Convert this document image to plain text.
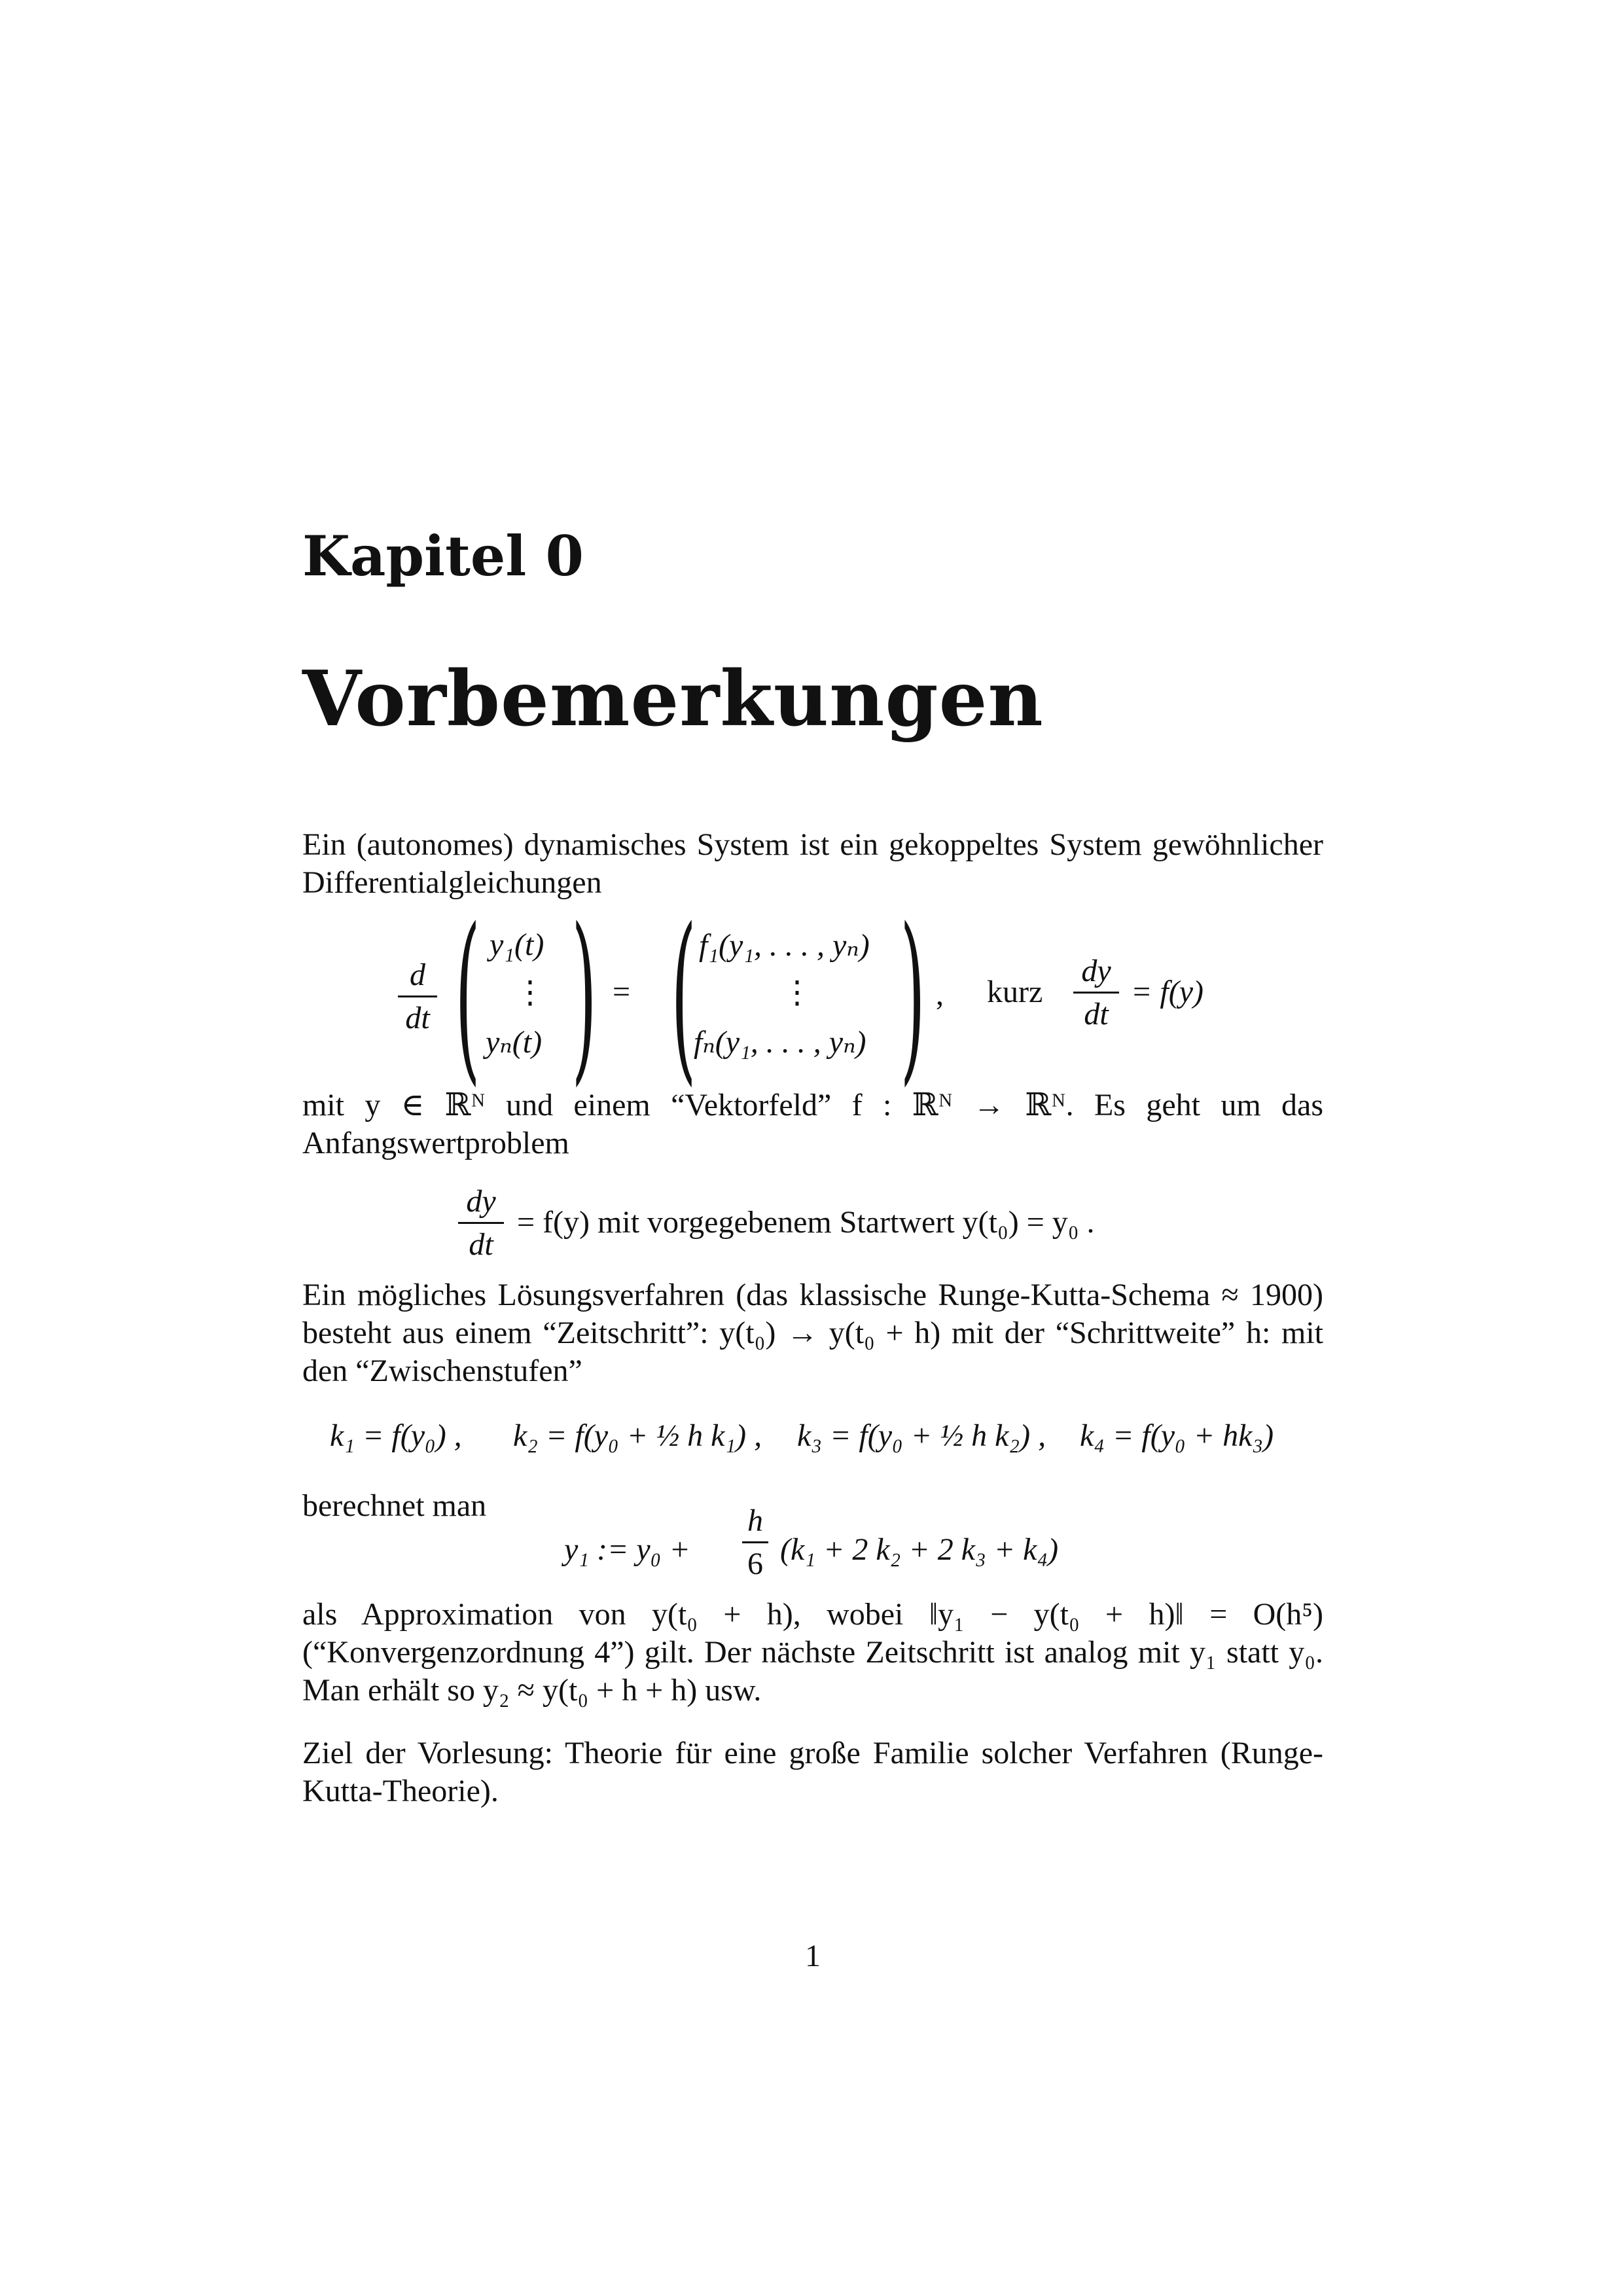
Kapitel 0
Vorbemerkungen
Ein (autonomes) dynamisches System ist ein gekoppeltes System gewöhnlicher Differentialgleichungen
d
dt ( y₁(t)
⋮
yₙ(t) ) = ( f₁(y₁, . . . , yₙ)
⋮
fₙ(y₁, . . . , yₙ) ) , kurz
dy
dt
= f(y)
mit y ∈ ℝᴺ und einem “Vektorfeld” f : ℝᴺ → ℝᴺ. Es geht um das Anfangswertproblem
dy
dt
= f(y) mit vorgegebenem Startwert y(t₀) = y₀ .
Ein mögliches Lösungsverfahren (das klassische Runge-Kutta-Schema ≈ 1900) besteht aus einem “Zeitschritt”: y(t₀) → y(t₀ + h) mit der “Schrittweite” h: mit den “Zwischenstufen”
k₁ = f(y₀) , k₂ = f(y₀ + ½ h k₁) , k₃ = f(y₀ + ½ h k₂) , k₄ = f(y₀ + hk₃)
berechnet man
y₁ := y₀ +
h
6 (k₁ + 2 k₂ + 2 k₃ + k₄)
als Approximation von y(t₀ + h), wobei ‖y₁ − y(t₀ + h)‖ = O(h⁵) (“Konvergenzordnung 4”) gilt. Der nächste Zeitschritt ist analog mit y₁ statt y₀. Man erhält so y₂ ≈ y(t₀ + h + h) usw.
Ziel der Vorlesung: Theorie für eine große Familie solcher Verfahren (Runge-Kutta-Theorie).
1
